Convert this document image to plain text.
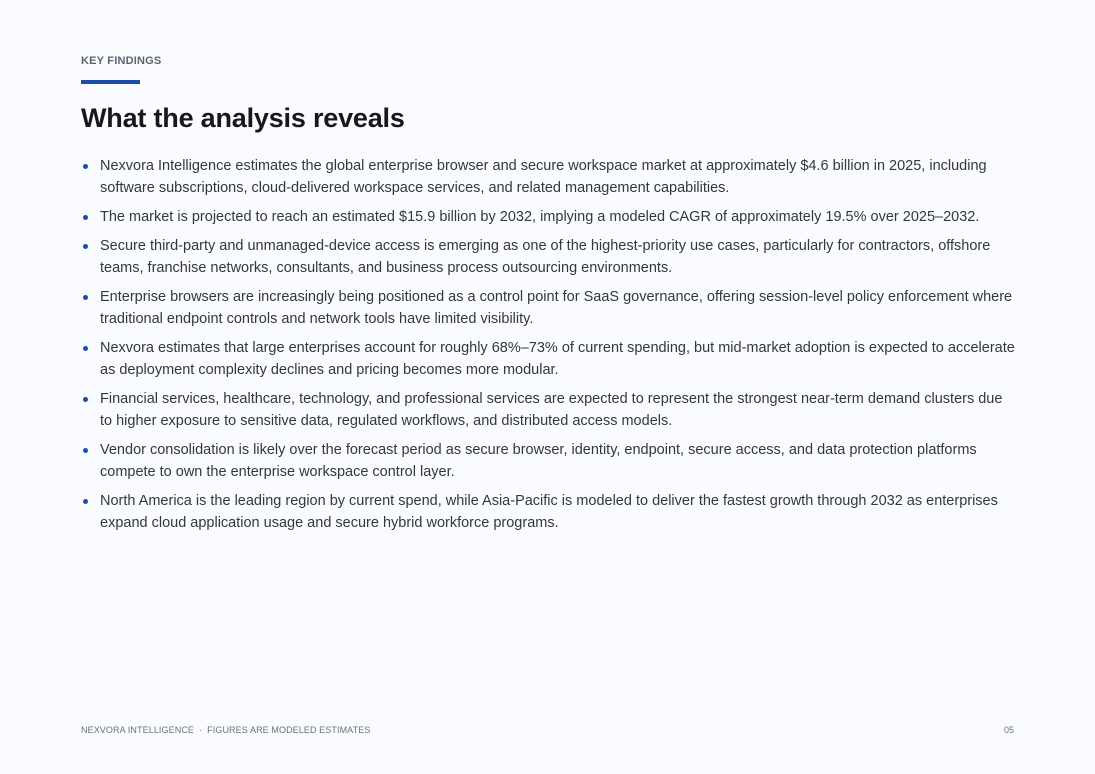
KEY FINDINGS
What the analysis reveals
Nexvora Intelligence estimates the global enterprise browser and secure workspace market at approximately $4.6 billion in 2025, including software subscriptions, cloud-delivered workspace services, and related management capabilities.
The market is projected to reach an estimated $15.9 billion by 2032, implying a modeled CAGR of approximately 19.5% over 2025–2032.
Secure third-party and unmanaged-device access is emerging as one of the highest-priority use cases, particularly for contractors, offshore teams, franchise networks, consultants, and business process outsourcing environments.
Enterprise browsers are increasingly being positioned as a control point for SaaS governance, offering session-level policy enforcement where traditional endpoint controls and network tools have limited visibility.
Nexvora estimates that large enterprises account for roughly 68%–73% of current spending, but mid-market adoption is expected to accelerate as deployment complexity declines and pricing becomes more modular.
Financial services, healthcare, technology, and professional services are expected to represent the strongest near-term demand clusters due to higher exposure to sensitive data, regulated workflows, and distributed access models.
Vendor consolidation is likely over the forecast period as secure browser, identity, endpoint, secure access, and data protection platforms compete to own the enterprise workspace control layer.
North America is the leading region by current spend, while Asia-Pacific is modeled to deliver the fastest growth through 2032 as enterprises expand cloud application usage and secure hybrid workforce programs.
NEXVORA INTELLIGENCE · FIGURES ARE MODELED ESTIMATES	05
